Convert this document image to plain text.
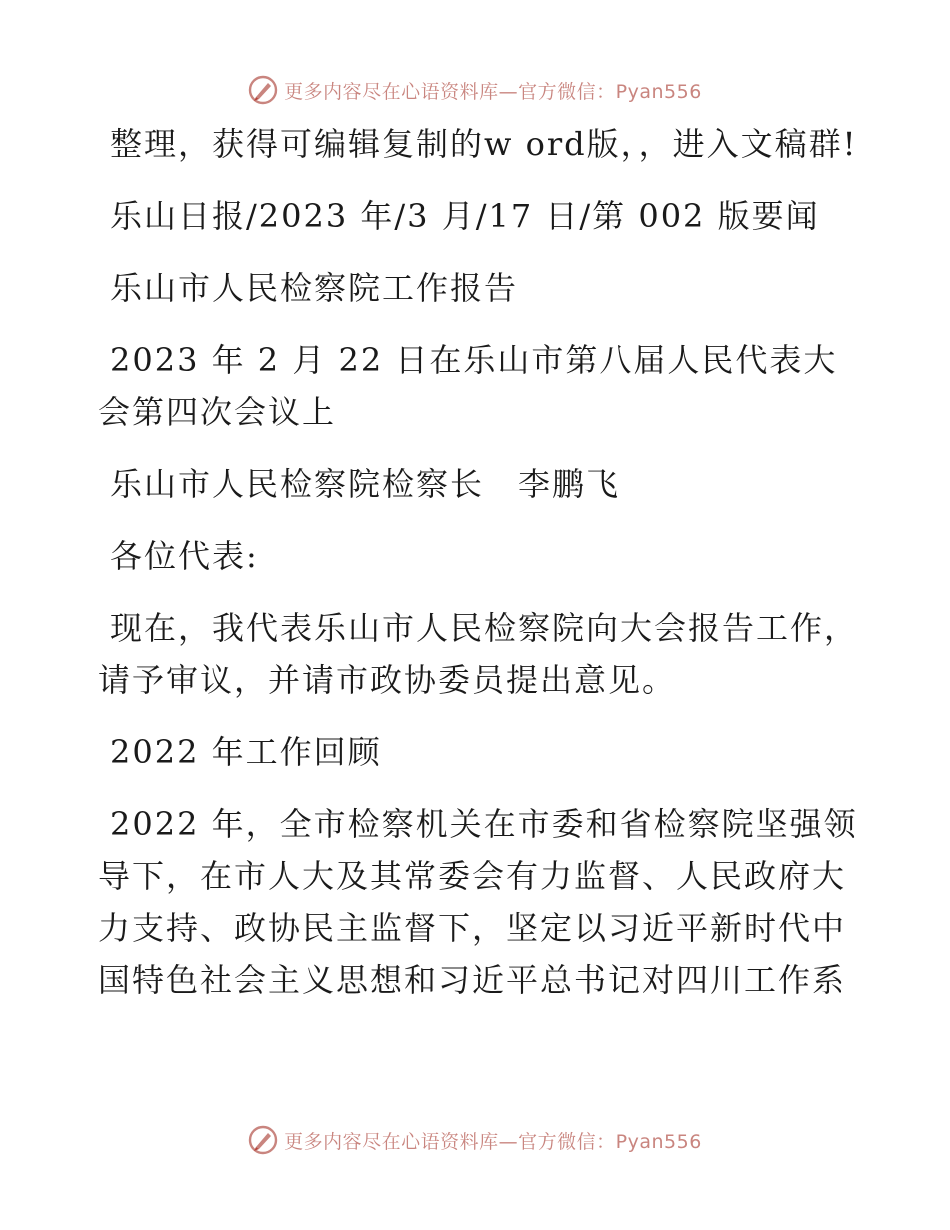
更多内容尽在心语资料库—官方微信：Pyan556

整理，获得可编辑复制的w ord版，，进入文稿群!

乐山日报/2023 年/3 月/17 日/第 002 版要闻

乐山市人民检察院工作报告

2023 年 2 月 22 日在乐山市第八届人民代表大会第四次会议上

乐山市人民检察院检察长　李鹏飞

各位代表:

现在，我代表乐山市人民检察院向大会报告工作，请予审议，并请市政协委员提出意见。

2022 年工作回顾

2022 年，全市检察机关在市委和省检察院坚强领导下，在市人大及其常委会有力监督、人民政府大力支持、政协民主监督下，坚定以习近平新时代中国特色社会主义思想和习近平总书记对四川工作系

更多内容尽在心语资料库—官方微信：Pyan556
